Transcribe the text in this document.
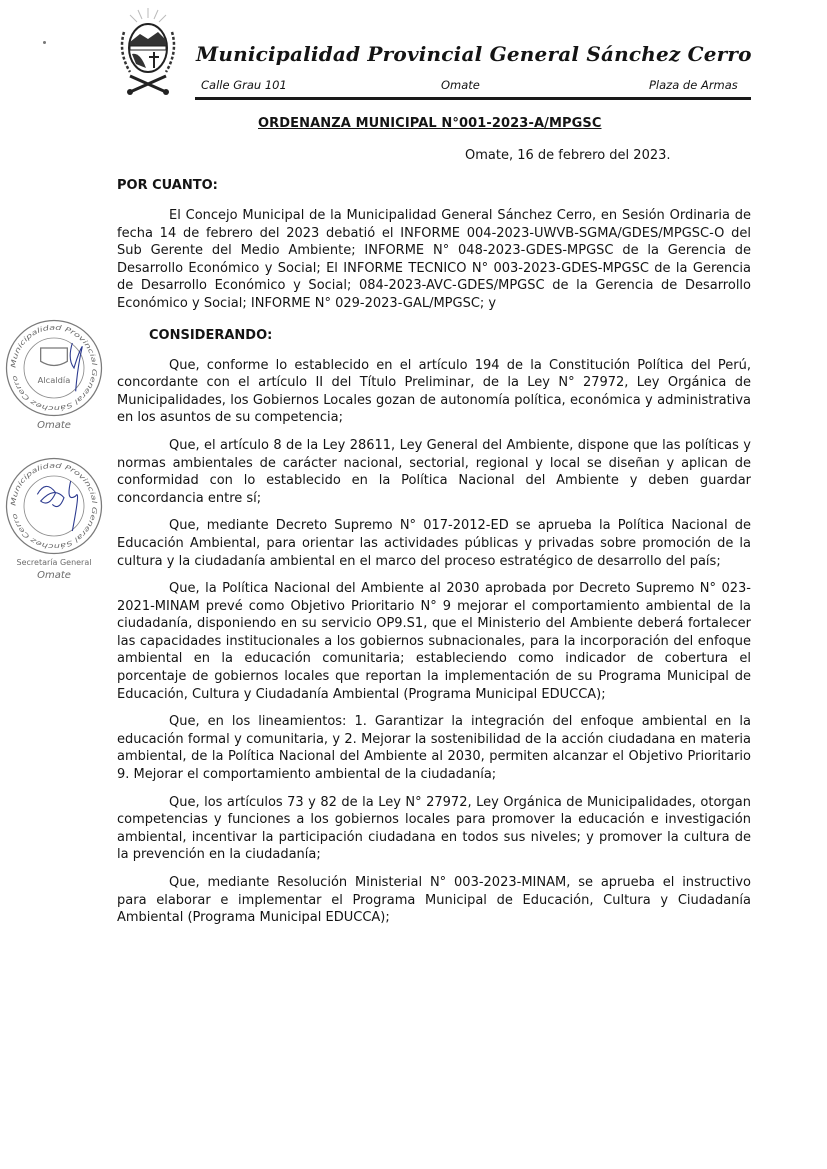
Municipalidad Provincial General Sánchez Cerro
Calle Grau 101	Omate	Plaza de Armas
ORDENANZA MUNICIPAL N°001-2023-A/MPGSC
Omate, 16 de febrero del 2023.
POR CUANTO:
El Concejo Municipal de la Municipalidad General Sánchez Cerro, en Sesión Ordinaria de fecha 14 de febrero del 2023 debatió el INFORME 004-2023-UWVB-SGMA/GDES/MPGSC-O del Sub Gerente del Medio Ambiente; INFORME N° 048-2023-GDES-MPGSC de la Gerencia de Desarrollo Económico y Social; El INFORME TECNICO N° 003-2023-GDES-MPGSC de la Gerencia de Desarrollo Económico y Social; 084-2023-AVC-GDES/MPGSC de la Gerencia de Desarrollo Económico y Social; INFORME N° 029-2023-GAL/MPGSC; y
CONSIDERANDO:
Que, conforme lo establecido en el artículo 194 de la Constitución Política del Perú, concordante con el artículo II del Título Preliminar, de la Ley N° 27972, Ley Orgánica de Municipalidades, los Gobiernos Locales gozan de autonomía política, económica y administrativa en los asuntos de su competencia;
Que, el artículo 8 de la Ley 28611, Ley General del Ambiente, dispone que las políticas y normas ambientales de carácter nacional, sectorial, regional y local se diseñan y aplican de conformidad con lo establecido en la Política Nacional del Ambiente y deben guardar concordancia entre sí;
Que, mediante Decreto Supremo N° 017-2012-ED se aprueba la Política Nacional de Educación Ambiental, para orientar las actividades públicas y privadas sobre promoción de la cultura y la ciudadanía ambiental en el marco del proceso estratégico de desarrollo del país;
Que, la Política Nacional del Ambiente al 2030 aprobada por Decreto Supremo N° 023-2021-MINAM prevé como Objetivo Prioritario N° 9 mejorar el comportamiento ambiental de la ciudadanía, disponiendo en su servicio OP9.S1, que el Ministerio del Ambiente deberá fortalecer las capacidades institucionales a los gobiernos subnacionales, para la incorporación del enfoque ambiental en la educación comunitaria; estableciendo como indicador de cobertura el porcentaje de gobiernos locales que reportan la implementación de su Programa Municipal de Educación, Cultura y Ciudadanía Ambiental (Programa Municipal EDUCCA);
Que, en los lineamientos: 1. Garantizar la integración del enfoque ambiental en la educación formal y comunitaria, y 2. Mejorar la sostenibilidad de la acción ciudadana en materia ambiental, de la Política Nacional del Ambiente al 2030, permiten alcanzar el Objetivo Prioritario 9. Mejorar el comportamiento ambiental de la ciudadanía;
Que, los artículos 73 y 82 de la Ley N° 27972, Ley Orgánica de Municipalidades, otorgan competencias y funciones a los gobiernos locales para promover la educación e investigación ambiental, incentivar la participación ciudadana en todos sus niveles; y promover la cultura de la prevención en la ciudadanía;
Que, mediante Resolución Ministerial N° 003-2023-MINAM, se aprueba el instructivo para elaborar e implementar el Programa Municipal de Educación, Cultura y Ciudadanía Ambiental (Programa Municipal EDUCCA);
Municipalidad Provincial General Sánchez Cerro	Alcaldía
Omate
Municipalidad Provincial General Sánchez Cerro
Secretaría General
Omate
